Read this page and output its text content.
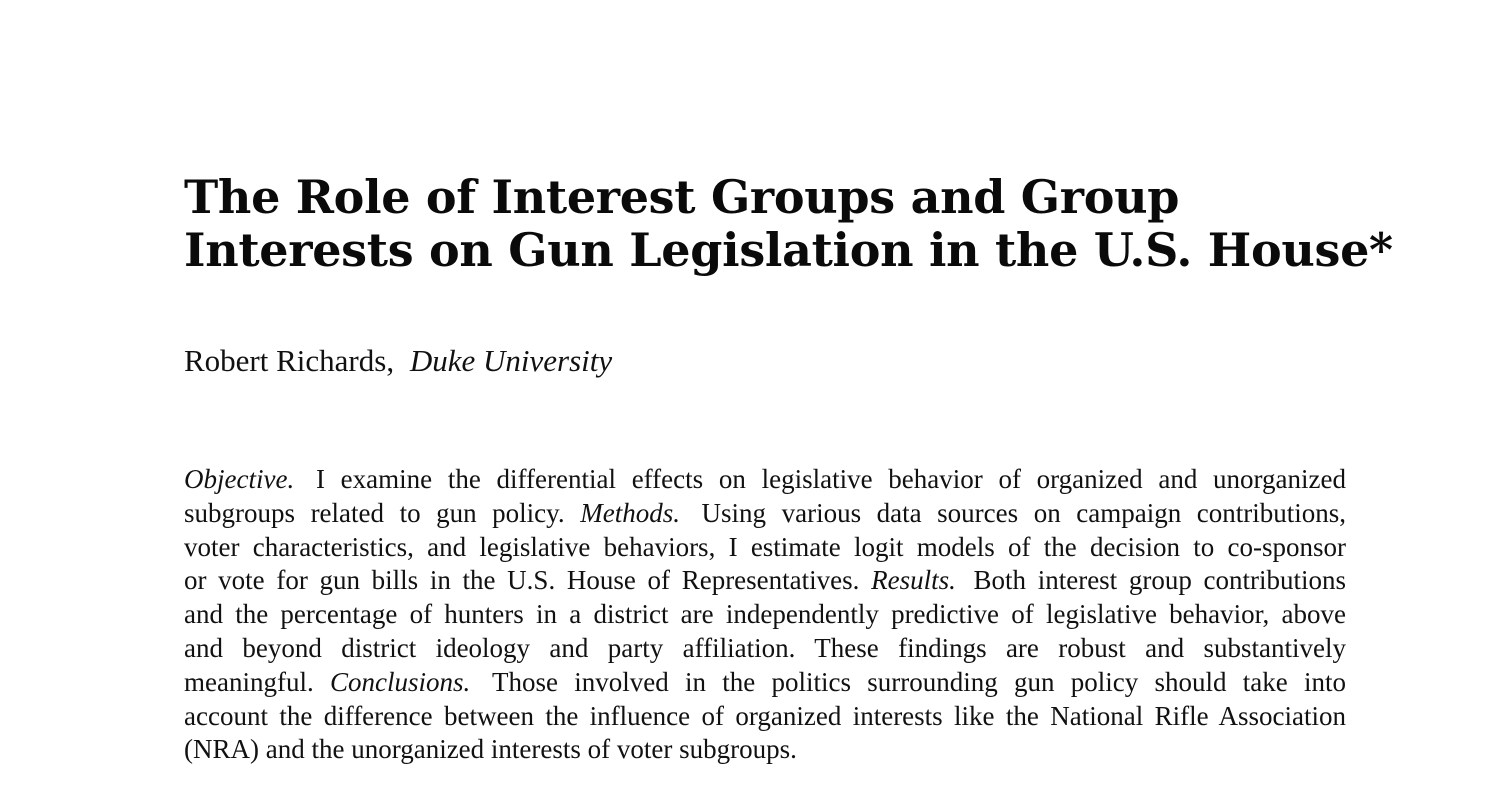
The Role of Interest Groups and Group
Interests on Gun Legislation in the U.S. House*

Robert Richards, Duke University

Objective. I examine the differential effects on legislative behavior of organized and unorganized
subgroups related to gun policy. Methods. Using various data sources on campaign contributions,
voter characteristics, and legislative behaviors, I estimate logit models of the decision to co-sponsor
or vote for gun bills in the U.S. House of Representatives. Results. Both interest group contributions
and the percentage of hunters in a district are independently predictive of legislative behavior, above
and beyond district ideology and party affiliation. These findings are robust and substantively
meaningful. Conclusions. Those involved in the politics surrounding gun policy should take into
account the difference between the influence of organized interests like the National Rifle Association
(NRA) and the unorganized interests of voter subgroups.
